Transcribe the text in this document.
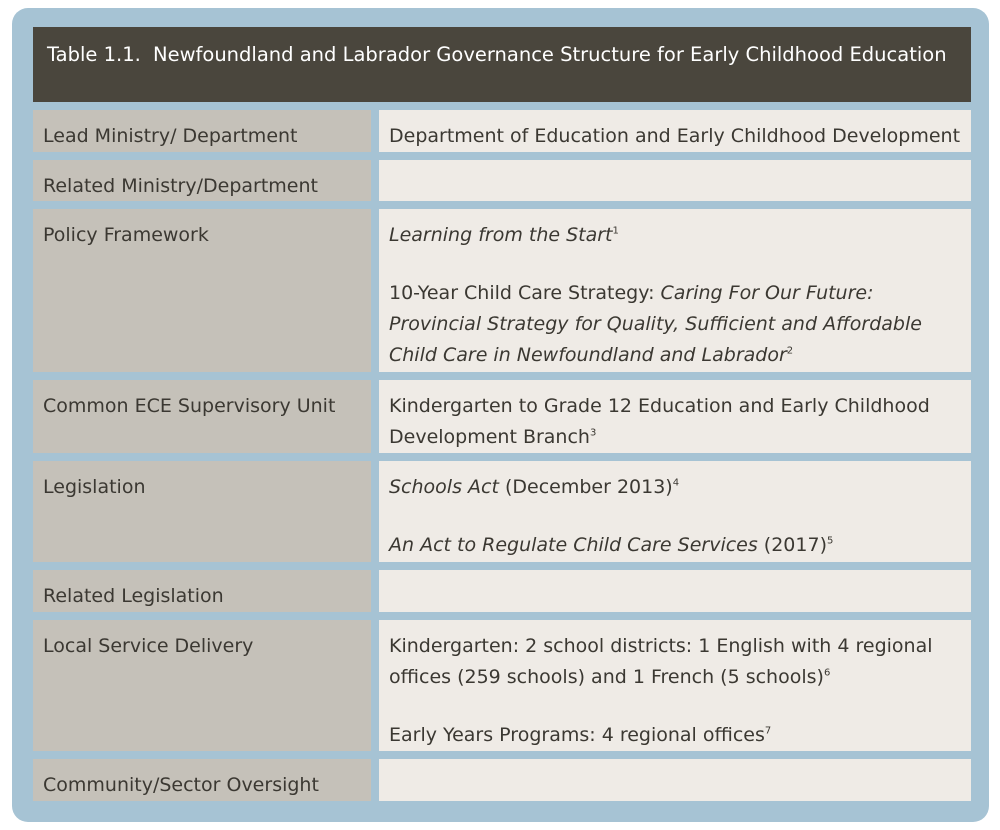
Table 1.1. Newfoundland and Labrador Governance Structure for Early Childhood Education
Lead Ministry/ Department	Department of Education and Early Childhood Development

Related Ministry/Department
Policy Framework	Learning from the Start$^1$

10-Year Child Care Strategy: Caring For Our Future: Provincial Strategy for Quality, Sufficient and Affordable Child Care in Newfoundland and Labrador$^2$

Common ECE Supervisory Unit	Kindergarten to Grade 12 Education and Early Childhood Development Branch$^3$

Legislation	Schools Act (December 2013)$^4$

An Act to Regulate Child Care Services $(2017)^5$

Related Legislation
Local Service Delivery	Kindergarten: 2 school districts: 1 English with 4 regional offices (259 schools) and 1 French (5 schools)$^6$

Early Years Programs: 4 regional offices$^7$

Community/Sector Oversight
